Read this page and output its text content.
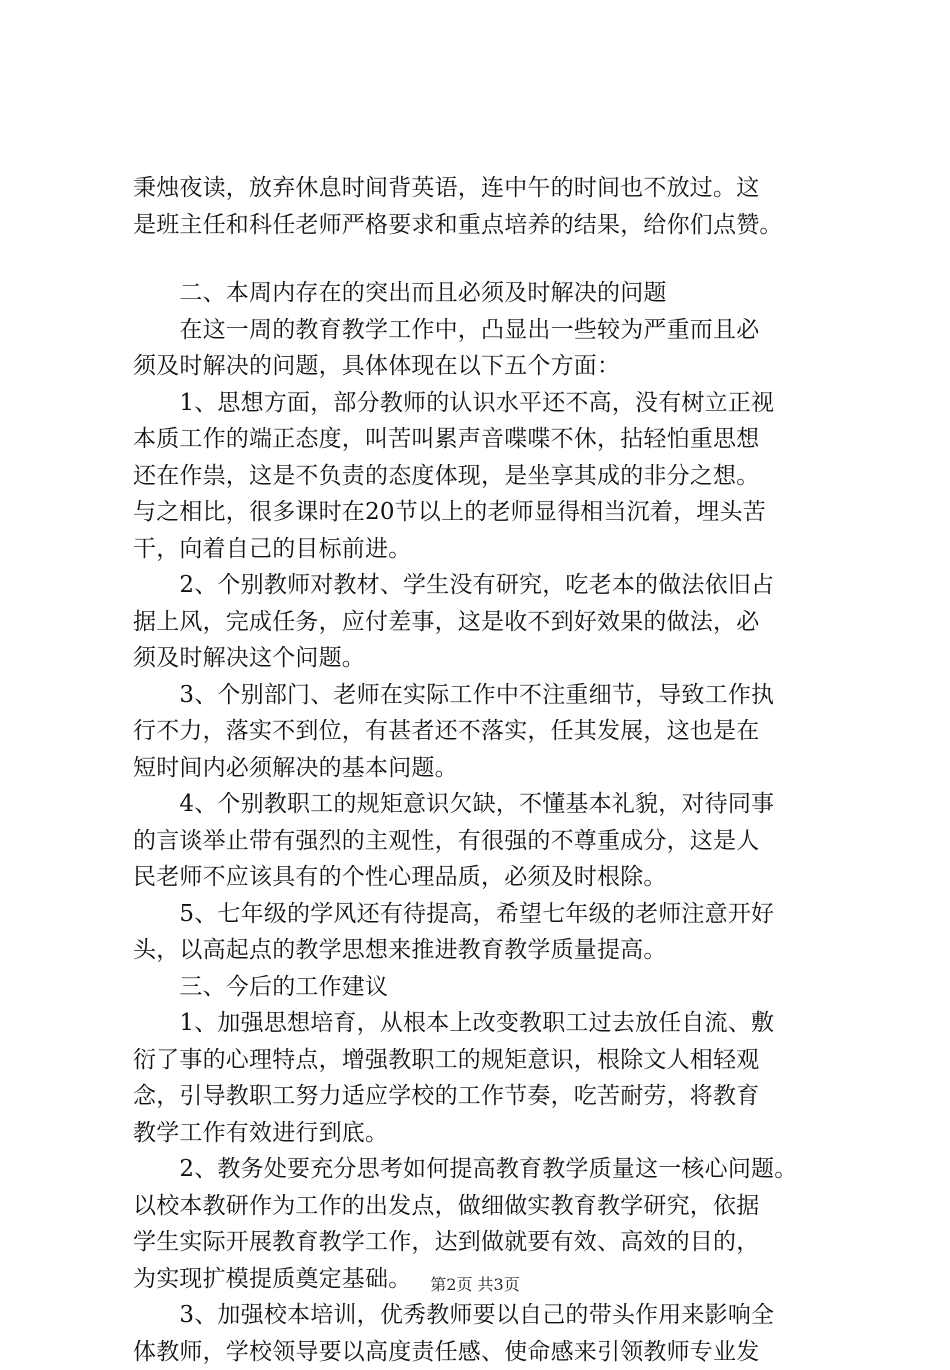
秉烛夜读，放弃休息时间背英语，连中午的时间也不放过。这
是班主任和科任老师严格要求和重点培养的结果，给你们点赞。
　　二、本周内存在的突出而且必须及时解决的问题
　　在这一周的教育教学工作中，凸显出一些较为严重而且必
须及时解决的问题，具体体现在以下五个方面：
　　1、思想方面，部分教师的认识水平还不高，没有树立正视
本质工作的端正态度，叫苦叫累声音喋喋不休，拈轻怕重思想
还在作祟，这是不负责的态度体现，是坐享其成的非分之想。
与之相比，很多课时在20节以上的老师显得相当沉着，埋头苦
干，向着自己的目标前进。
　　2、个别教师对教材、学生没有研究，吃老本的做法依旧占
据上风，完成任务，应付差事，这是收不到好效果的做法，必
须及时解决这个问题。
　　3、个别部门、老师在实际工作中不注重细节，导致工作执
行不力，落实不到位，有甚者还不落实，任其发展，这也是在
短时间内必须解决的基本问题。
　　4、个别教职工的规矩意识欠缺，不懂基本礼貌，对待同事
的言谈举止带有强烈的主观性，有很强的不尊重成分，这是人
民老师不应该具有的个性心理品质，必须及时根除。
　　5、七年级的学风还有待提高，希望七年级的老师注意开好
头，以高起点的教学思想来推进教育教学质量提高。
　　三、今后的工作建议
　　1、加强思想培育，从根本上改变教职工过去放任自流、敷
衍了事的心理特点，增强教职工的规矩意识，根除文人相轻观
念，引导教职工努力适应学校的工作节奏，吃苦耐劳，将教育
教学工作有效进行到底。
　　2、教务处要充分思考如何提高教育教学质量这一核心问题。
以校本教研作为工作的出发点，做细做实教育教学研究，依据
学生实际开展教育教学工作，达到做就要有效、高效的目的，
为实现扩模提质奠定基础。
　　3、加强校本培训，优秀教师要以自己的带头作用来影响全
体教师，学校领导要以高度责任感、使命感来引领教师专业发
第2页 共3页
